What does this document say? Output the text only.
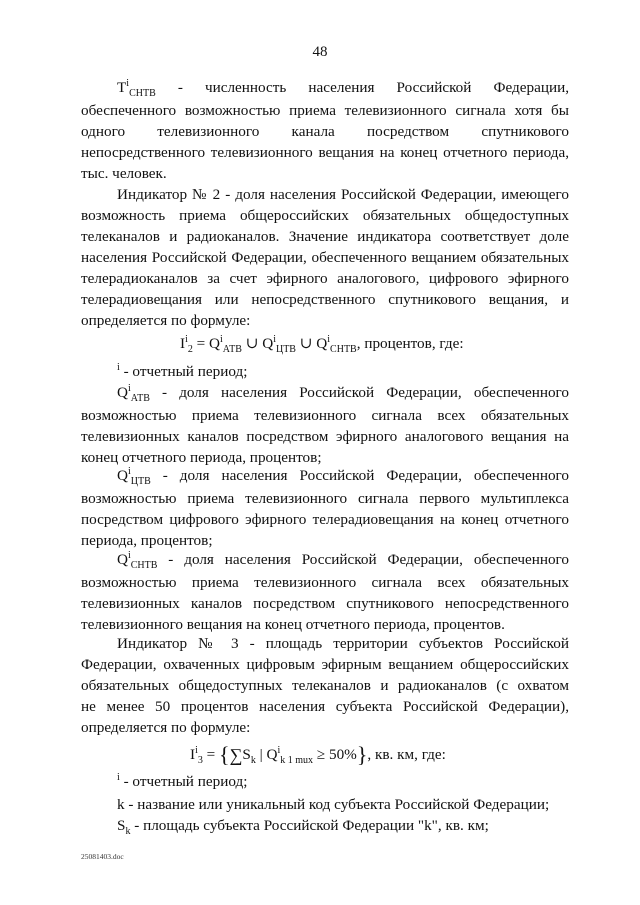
48
$T^i_{СНТВ}$ - численность населения Российской Федерации,
обеспеченного возможностью приема телевизионного сигнала хотя бы
одного телевизионного канала посредством спутникового
непосредственного телевизионного вещания на конец отчетного периода,
тыс. человек.
Индикатор № 2 - доля населения Российской Федерации, имеющего
возможность приема общероссийских обязательных общедоступных
телеканалов и радиоканалов. Значение индикатора соответствует доле
населения Российской Федерации, обеспеченного вещанием обязательных
телерадиоканалов за счет эфирного аналогового, цифрового эфирного
телерадиовещания или непосредственного спутникового вещания, и
определяется по формуле:
$I^i_2 = Q^i_{АТВ}$ ∪ $Q^i_{ЦТВ}$ ∪ $Q^i_{СНТВ}$, процентов, где:
$^i$ - отчетный период;
$Q^i_{АТВ}$ - доля населения Российской Федерации, обеспеченного
возможностью приема телевизионного сигнала всех обязательных
телевизионных каналов посредством эфирного аналогового вещания на
конец отчетного периода, процентов;
$Q^i_{ЦТВ}$ - доля населения Российской Федерации, обеспеченного
возможностью приема телевизионного сигнала первого мультиплекса
посредством цифрового эфирного телерадиовещания на конец отчетного
периода, процентов;
$Q^i_{СНТВ}$ - доля населения Российской Федерации, обеспеченного
возможностью приема телевизионного сигнала всех обязательных
телевизионных каналов посредством спутникового непосредственного
телевизионного вещания на конец отчетного периода, процентов.
Индикатор № 3 - площадь территории субъектов Российской
Федерации, охваченных цифровым эфирным вещанием общероссийских
обязательных общедоступных телеканалов и радиоканалов (с охватом
не менее 50 процентов населения субъекта Российской Федерации),
определяется по формуле:
$I^i_3 = \{\sum S_k$ | $Q^i_{k 1 mux} \ge 50\%$}, кв. км, где:
$^i$ - отчетный период;
k - название или уникальный код субъекта Российской Федерации;
$S_k$ - площадь субъекта Российской Федерации "k", кв. км;
25081403.doc
